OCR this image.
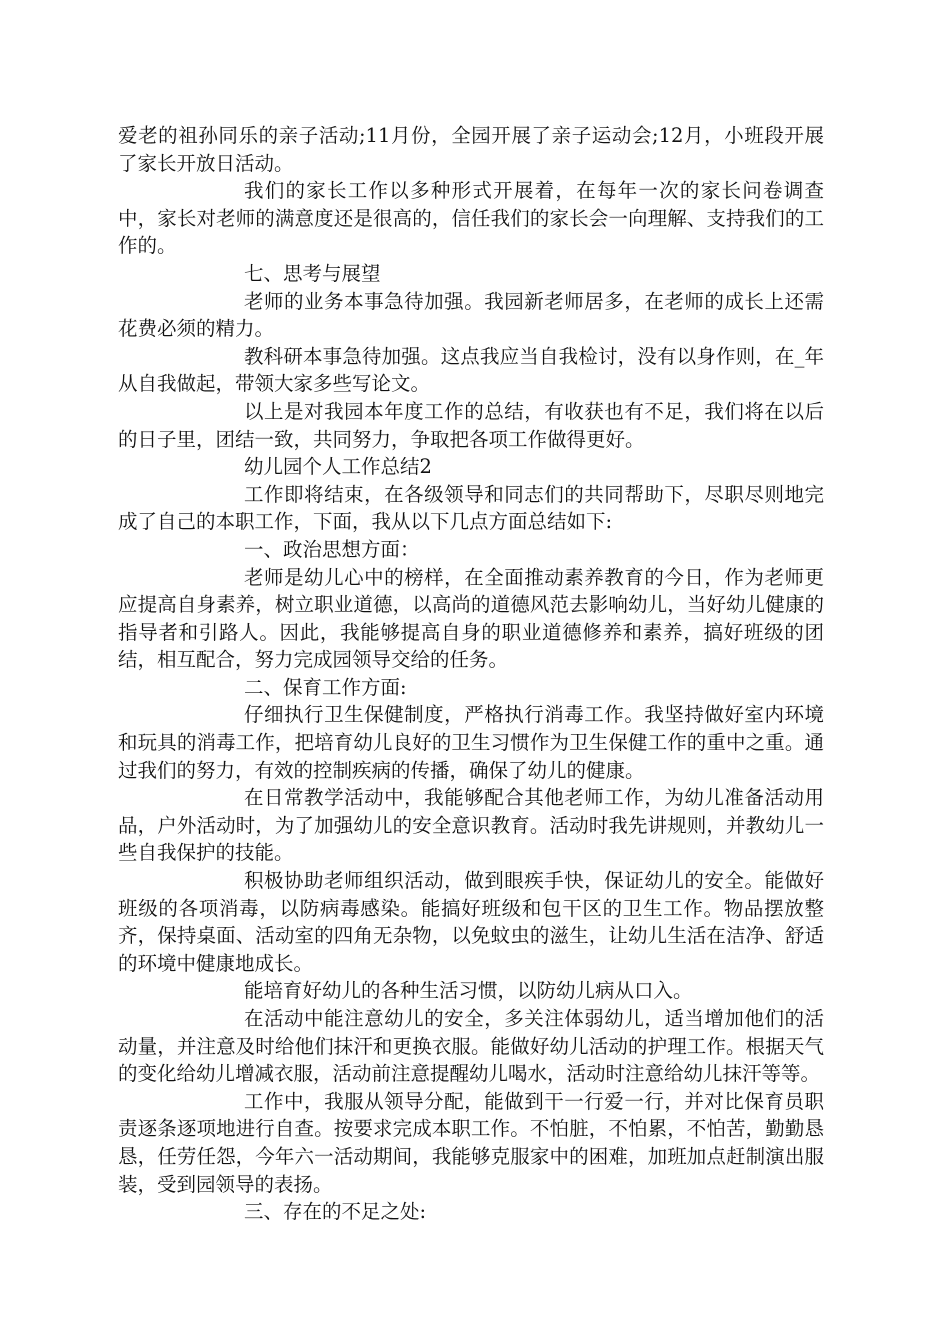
爱老的祖孙同乐的亲子活动;11月份，全园开展了亲子运动会;12月，小班段开展了家长开放日活动。

我们的家长工作以多种形式开展着，在每年一次的家长问卷调查中，家长对老师的满意度还是很高的，信任我们的家长会一向理解、支持我们的工作的。

七、思考与展望

老师的业务本事急待加强。我园新老师居多，在老师的成长上还需花费必须的精力。

教科研本事急待加强。这点我应当自我检讨，没有以身作则，在_年从自我做起，带领大家多些写论文。

以上是对我园本年度工作的总结，有收获也有不足，我们将在以后的日子里，团结一致，共同努力，争取把各项工作做得更好。

幼儿园个人工作总结2

工作即将结束，在各级领导和同志们的共同帮助下，尽职尽则地完成了自己的本职工作，下面，我从以下几点方面总结如下:

一、政治思想方面：

老师是幼儿心中的榜样，在全面推动素养教育的今日，作为老师更应提高自身素养，树立职业道德，以高尚的道德风范去影响幼儿，当好幼儿健康的指导者和引路人。因此，我能够提高自身的职业道德修养和素养，搞好班级的团结，相互配合，努力完成园领导交给的任务。

二、保育工作方面:

仔细执行卫生保健制度，严格执行消毒工作。我坚持做好室内环境和玩具的消毒工作，把培育幼儿良好的卫生习惯作为卫生保健工作的重中之重。通过我们的努力，有效的控制疾病的传播，确保了幼儿的健康。

在日常教学活动中，我能够配合其他老师工作，为幼儿准备活动用品，户外活动时，为了加强幼儿的安全意识教育。活动时我先讲规则，并教幼儿一些自我保护的技能。

积极协助老师组织活动，做到眼疾手快，保证幼儿的安全。能做好班级的各项消毒，以防病毒感染。能搞好班级和包干区的卫生工作。物品摆放整齐，保持桌面、活动室的四角无杂物，以免蚊虫的滋生，让幼儿生活在洁净、舒适的环境中健康地成长。

能培育好幼儿的各种生活习惯，以防幼儿病从口入。

在活动中能注意幼儿的安全，多关注体弱幼儿，适当增加他们的活动量，并注意及时给他们抹汗和更换衣服。能做好幼儿活动的护理工作。根据天气的变化给幼儿增减衣服，活动前注意提醒幼儿喝水，活动时注意给幼儿抹汗等等。

工作中，我服从领导分配，能做到干一行爱一行，并对比保育员职责逐条逐项地进行自查。按要求完成本职工作。不怕脏，不怕累，不怕苦，勤勤恳恳，任劳任怨，今年六一活动期间，我能够克服家中的困难，加班加点赶制演出服装，受到园领导的表扬。

三、存在的不足之处:
